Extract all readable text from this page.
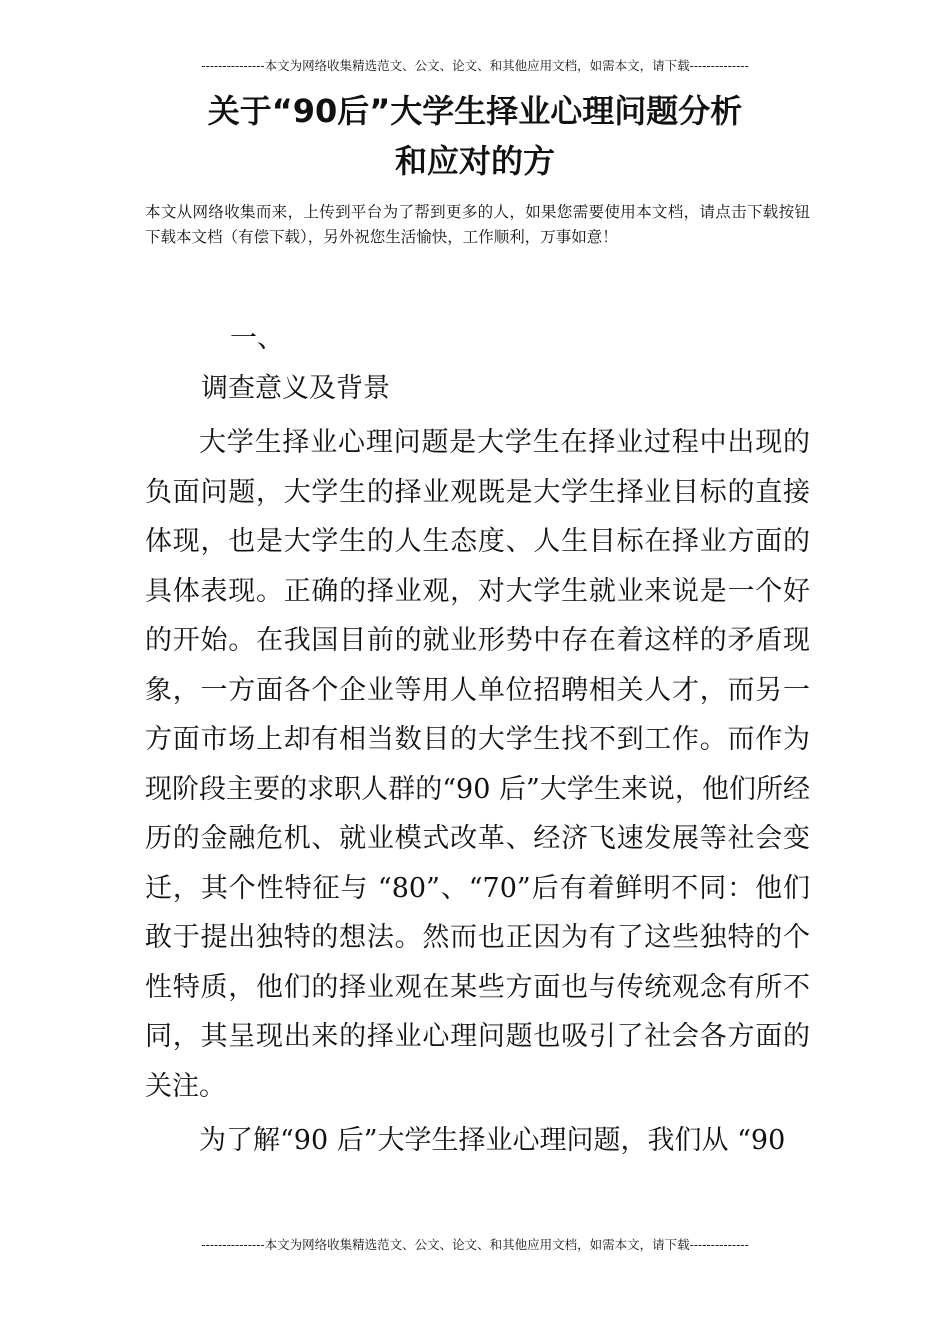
---------------本文为网络收集精选范文、公文、论文、和其他应用文档，如需本文，请下载--------------
关于“90后”大学生择业心理问题分析
和应对的方
本文从网络收集而来，上传到平台为了帮到更多的人，如果您需要使用本文档，请点击下载按钮下载本文档（有偿下载），另外祝您生活愉快，工作顺利，万事如意！
一、
调查意义及背景
大学生择业心理问题是大学生在择业过程中出现的负面问题，大学生的择业观既是大学生择业目标的直接体现，也是大学生的人生态度、人生目标在择业方面的具体表现。正确的择业观，对大学生就业来说是一个好的开始。在我国目前的就业形势中存在着这样的矛盾现象，一方面各个企业等用人单位招聘相关人才，而另一方面市场上却有相当数目的大学生找不到工作。而作为现阶段主要的求职人群的“90 后”大学生来说，他们所经历的金融危机、就业模式改革、经济飞速发展等社会变迁，其个性特征与 “80”、“70”后有着鲜明不同：他们敢于提出独特的想法。然而也正因为有了这些独特的个性特质，他们的择业观在某些方面也与传统观念有所不同，其呈现出来的择业心理问题也吸引了社会各方面的关注。
为了解“90 后”大学生择业心理问题，我们从 “90
---------------本文为网络收集精选范文、公文、论文、和其他应用文档，如需本文，请下载--------------
